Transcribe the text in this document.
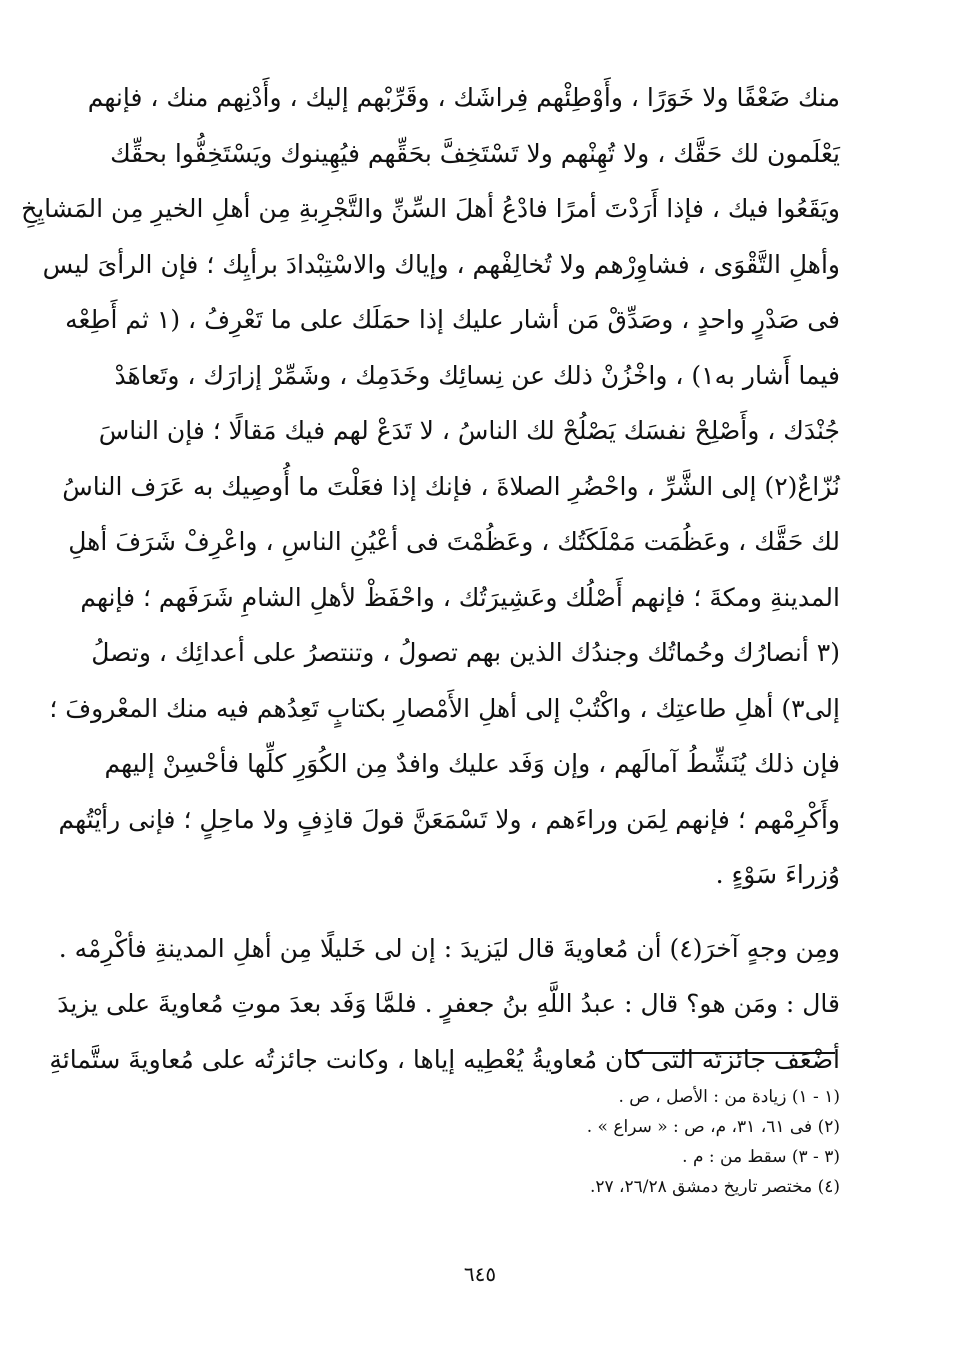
منك ضَعْفًا ولا خَوَرًا ، وأَوْطِئْهم فِراشَك ، وقَرِّبْهم إليك ، وأَدْنِهم منك ، فإنهم
يَعْلَمون لك حَقَّك ، ولا تُهِنْهم ولا تَسْتَخِفَّ بحَقِّهم فيُهِينوك ويَسْتَخِفُّوا بحقِّك
ويَقَعُوا فيك ، فإذا أَرَدْتَ أمرًا فادْعُ أهلَ السِّنِّ والتَّجْرِبةِ مِن أهلِ الخيرِ مِن المَشايِخِ
وأهلِ التَّقْوَى ، فشاوِرْهم ولا تُخالِفْهم ، وإياك والاسْتِبْدادَ برأيِك ؛ فإن الرأىَ ليس
فى صَدْرٍ واحدٍ ، وصَدِّقْ مَن أشار عليك إذا حمَلَك على ما تَعْرِفُ ، (١ ثم أَطِعْه
فيما أَشار به١) ، واخْزُنْ ذلك عن نِسائِك وخَدَمِك ، وشَمِّرْ إزارَك ، وتَعاهَدْ
جُنْدَك ، وأَصْلِحْ نفسَك يَصْلُحْ لك الناسُ ، لا تَدَعْ لهم فيك مَقالًا ؛ فإن الناسَ
نُزّاعٌ(٢) إلى الشَّرِّ ، واحْضُرِ الصلاةَ ، فإنك إذا فعَلْتَ ما أُوصِيك به عَرَف الناسُ
لك حَقَّك ، وعَظُمَت مَمْلَكَتُك ، وعَظُمْتَ فى أعْيُنِ الناسِ ، واعْرِفْ شَرَفَ أهلِ
المدينةِ ومكةَ ؛ فإنهم أَصْلُك وعَشِيرَتُك ، واحْفَظْ لأهلِ الشامِ شَرَفَهم ؛ فإنهم
(٣ أنصارُك وحُماتُك وجندُك الذين بهم تصولُ ، وتنتصرُ على أعدائِك ، وتصلُ
إلى٣) أهلِ طاعتِك ، واكْتُبْ إلى أهلِ الأَمْصارِ بكتابٍ تَعِدُهم فيه منك المعْروفَ ؛
فإن ذلك يُنَشِّطُ آمالَهم ، وإن وَفَد عليك وافدٌ مِن الكُوَرِ كلِّها فأحْسِنْ إليهم
وأَكْرِمْهم ؛ فإنهم لِمَن وراءَهم ، ولا تَسْمَعَنَّ قولَ قاذِفٍ ولا ماحِلٍ ؛ فإنى رأيْتُهم
وُزراءَ سَوْءٍ .
ومِن وجهٍ آخرَ(٤) أن مُعاويةَ قال ليَزيدَ : إن لى خَليلًا مِن أهلِ المدينةِ فأكْرِمْه .
قال : ومَن هو؟ قال : عبدُ اللَّهِ بنُ جعفرٍ . فلمَّا وَفَد بعدَ موتِ مُعاويةَ على يزيدَ
أضْعَف جائزتَه التى كان مُعاويةُ يُعْطِيه إياها ، وكانت جائزتُه على مُعاويةَ ستَّمائةِ
(١ - ١) زيادة من : الأصل ، ص .
(٢) فى ٦١، ٣١، م، ص : « سراع » .
(٣ - ٣) سقط من : م .
(٤) مختصر تاريخ دمشق ٢٦/٢٨، ٢٧.
٦٤٥
